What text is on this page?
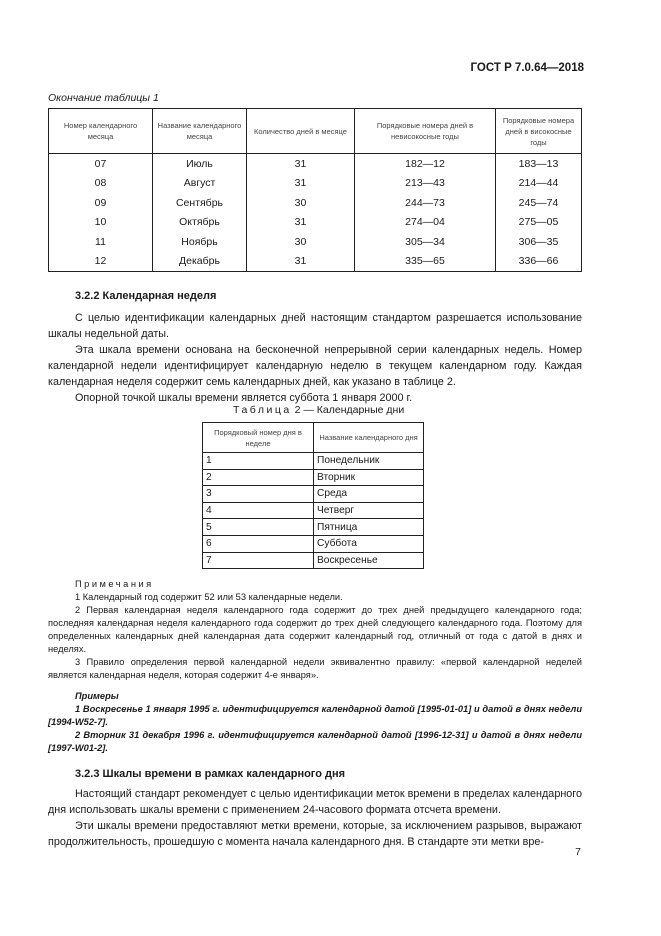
ГОСТ Р 7.0.64—2018
Окончание таблицы 1
Номер календарного месяца	Название календарного месяца	Количество дней в месяце	Порядковые номера дней в невисокосные годы	Порядковые номера дней в високосные годы
07	Июль	31	182—12	183—13
08	Август	31	213—43	214—44
09	Сентябрь	30	244—73	245—74
10	Октябрь	31	274—04	275—05
11	Ноябрь	30	305—34	306—35
12	Декабрь	31	335—65	336—66
3.2.2 Календарная неделя

С целью идентификации календарных дней настоящим стандартом разрешается использование шкалы недельной даты.

Эта шкала времени основана на бесконечной непрерывной серии календарных недель. Номер календарной недели идентифицирует календарную неделю в текущем календарном году. Каждая календарная неделя содержит семь календарных дней, как указано в таблице 2.

Опорной точкой шкалы времени является суббота 1 января 2000 г.

Таблица 2 — Календарные дни
Порядковый номер дня в неделе	Название календарного дня
1	Понедельник
2	Вторник
3	Среда
4	Четверг
5	Пятница
6	Суббота
7	Воскресенье

Примечания

1 Календарный год содержит 52 или 53 календарные недели.

2 Первая календарная неделя календарного года содержит до трех дней предыдущего календарного года; последняя календарная неделя календарного года содержит до трех дней следующего календарного года. Поэтому для определенных календарных дней календарная дата содержит календарный год, отличный от года с датой в днях и неделях.

3 Правило определения первой календарной недели эквивалентно правилу: «первой календарной неделей является календарная неделя, которая содержит 4-е января».

Примеры

1 Воскресенье 1 января 1995 г. идентифицируется календарной датой [1995-01-01] и датой в днях недели [1994-W52-7].

2 Вторник 31 декабря 1996 г. идентифицируется календарной датой [1996-12-31] и датой в днях недели [1997-W01-2].

3.2.3 Шкалы времени в рамках календарного дня

Настоящий стандарт рекомендует с целью идентификации меток времени в пределах календарного дня использовать шкалы времени с применением 24-часового формата отсчета времени.

Эти шкалы времени предоставляют метки времени, которые, за исключением разрывов, выражают продолжительность, прошедшую с момента начала календарного дня. В стандарте эти метки вре-

7
